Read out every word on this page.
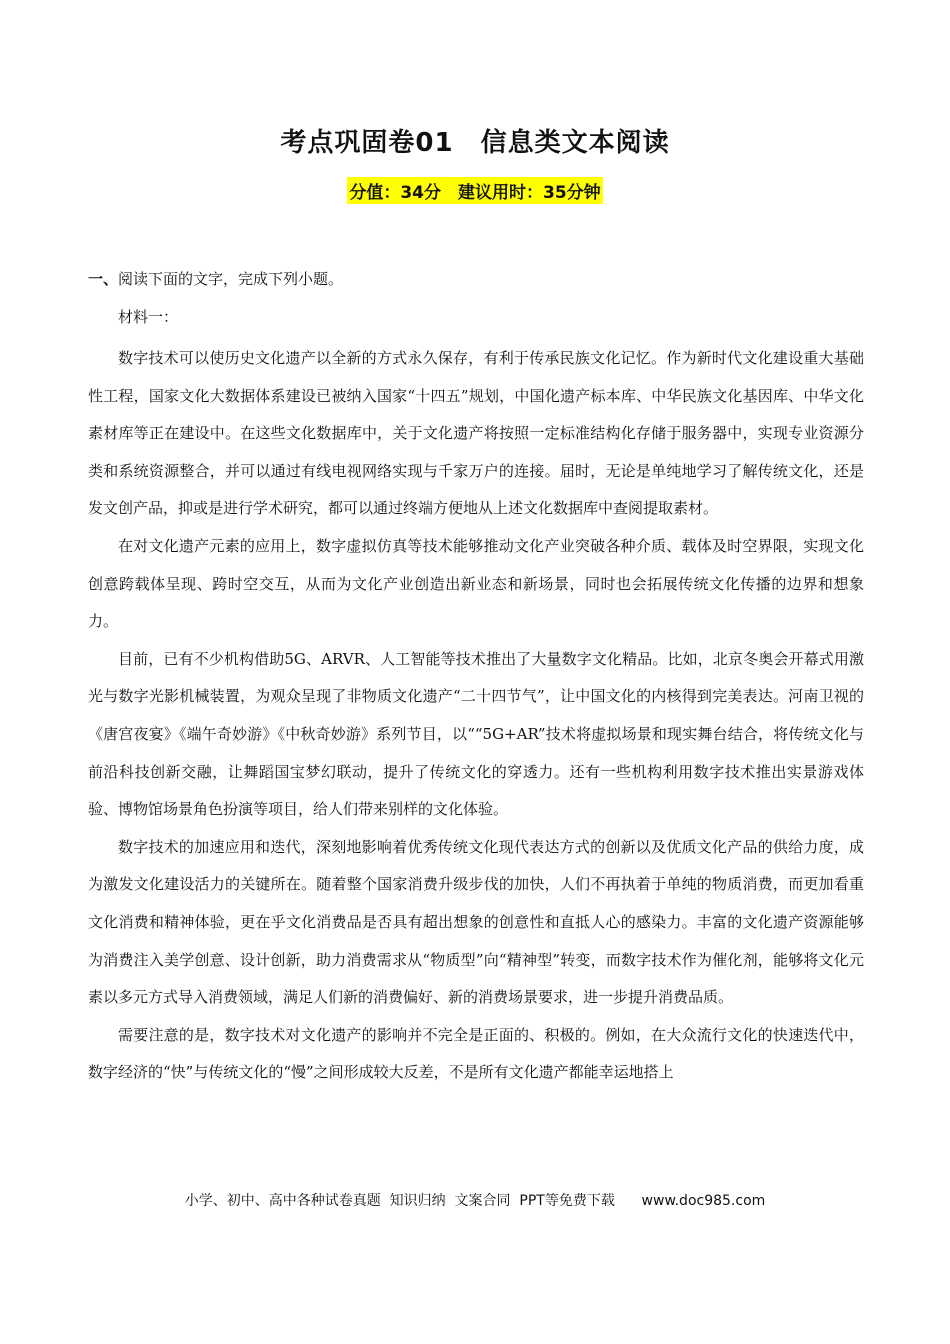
考点巩固卷01　信息类文本阅读
分值：34分　建议用时：35分钟
一、阅读下面的文字，完成下列小题。
材料一：

数字技术可以使历史文化遗产以全新的方式永久保存，有利于传承民族文化记忆。作为新时代文化建设重大基础性工程，国家文化大数据体系建设已被纳入国家“十四五”规划，中国化遗产标本库、中华民族文化基因库、中华文化素材库等正在建设中。在这些文化数据库中，关于文化遗产将按照一定标准结构化存储于服务器中，实现专业资源分类和系统资源整合，并可以通过有线电视网络实现与千家万户的连接。届时，无论是单纯地学习了解传统文化，还是发文创产品，抑或是进行学术研究，都可以通过终端方便地从上述文化数据库中查阅提取素材。

在对文化遗产元素的应用上，数字虚拟仿真等技术能够推动文化产业突破各种介质、载体及时空界限，实现文化创意跨载体呈现、跨时空交互，从而为文化产业创造出新业态和新场景，同时也会拓展传统文化传播的边界和想象力。

目前，已有不少机构借助5G、ARVR、人工智能等技术推出了大量数字文化精品。比如，北京冬奥会开幕式用激光与数字光影机械装置，为观众呈现了非物质文化遗产“二十四节气”，让中国文化的内核得到完美表达。河南卫视的《唐宫夜宴》《端午奇妙游》《中秋奇妙游》系列节目，以““5G+AR”技术将虚拟场景和现实舞台结合，将传统文化与前沿科技创新交融，让舞蹈国宝梦幻联动，提升了传统文化的穿透力。还有一些机构利用数字技术推出实景游戏体验、博物馆场景角色扮演等项目，给人们带来别样的文化体验。

数字技术的加速应用和迭代，深刻地影响着优秀传统文化现代表达方式的创新以及优质文化产品的供给力度，成为激发文化建设活力的关键所在。随着整个国家消费升级步伐的加快，人们不再执着于单纯的物质消费，而更加看重文化消费和精神体验，更在乎文化消费品是否具有超出想象的创意性和直抵人心的感染力。丰富的文化遗产资源能够为消费注入美学创意、设计创新，助力消费需求从“物质型”向“精神型”转变，而数字技术作为催化剂，能够将文化元素以多元方式导入消费领域，满足人们新的消费偏好、新的消费场景要求，进一步提升消费品质。

需要注意的是，数字技术对文化遗产的影响并不完全是正面的、积极的。例如，在大众流行文化的快速迭代中，数字经济的“快”与传统文化的“慢”之间形成较大反差，不是所有文化遗产都能幸运地搭上

小学、初中、高中各种试卷真题  知识归纳  文案合同  PPT等免费下载      www.doc985.com
